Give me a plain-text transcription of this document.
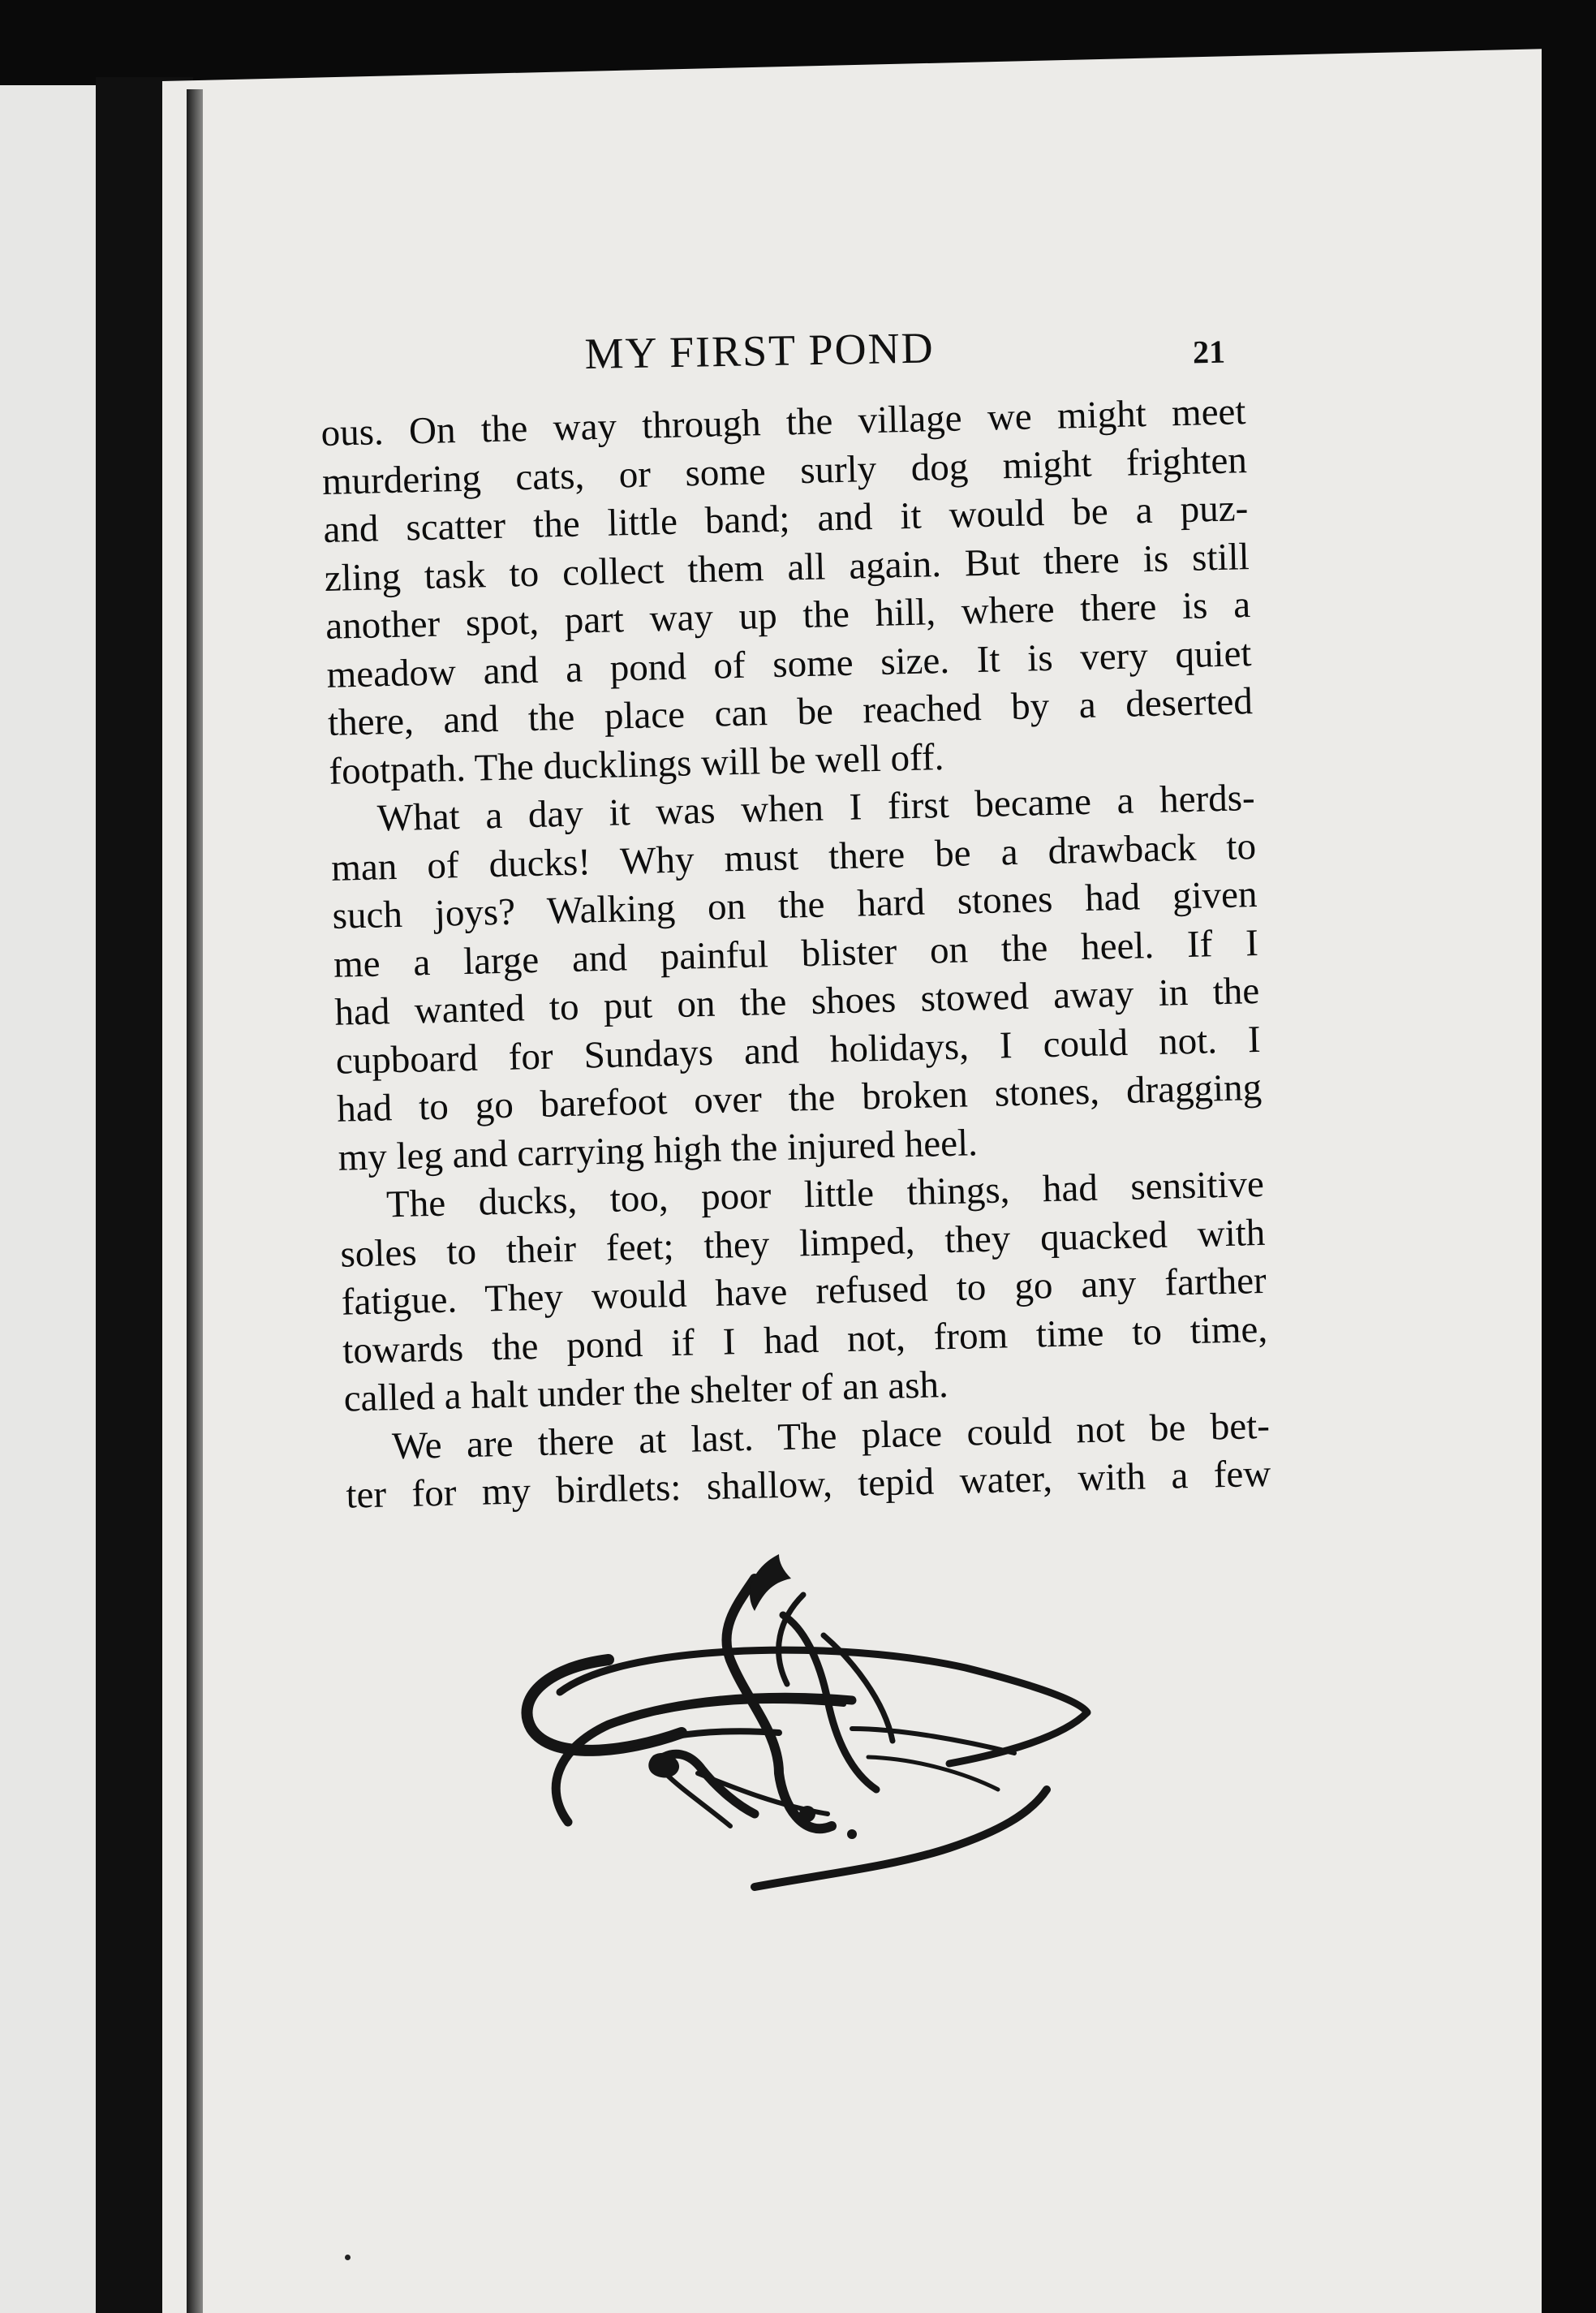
MY FIRST POND	21

ous. On the way through the village we might meet
murdering cats, or some surly dog might frighten
and scatter the little band; and it would be a puz-
zling task to collect them all again. But there is still
another spot, part way up the hill, where there is a
meadow and a pond of some size. It is very quiet
there, and the place can be reached by a deserted
footpath. The ducklings will be well off.

What a day it was when I first became a herds-
man of ducks! Why must there be a drawback to
such joys? Walking on the hard stones had given
me a large and painful blister on the heel. If I
had wanted to put on the shoes stowed away in the
cupboard for Sundays and holidays, I could not. I
had to go barefoot over the broken stones, dragging
my leg and carrying high the injured heel.

The ducks, too, poor little things, had sensitive
soles to their feet; they limped, they quacked with
fatigue. They would have refused to go any farther
towards the pond if I had not, from time to time,
called a halt under the shelter of an ash.

We are there at last. The place could not be bet-
ter for my birdlets: shallow, tepid water, with a few
